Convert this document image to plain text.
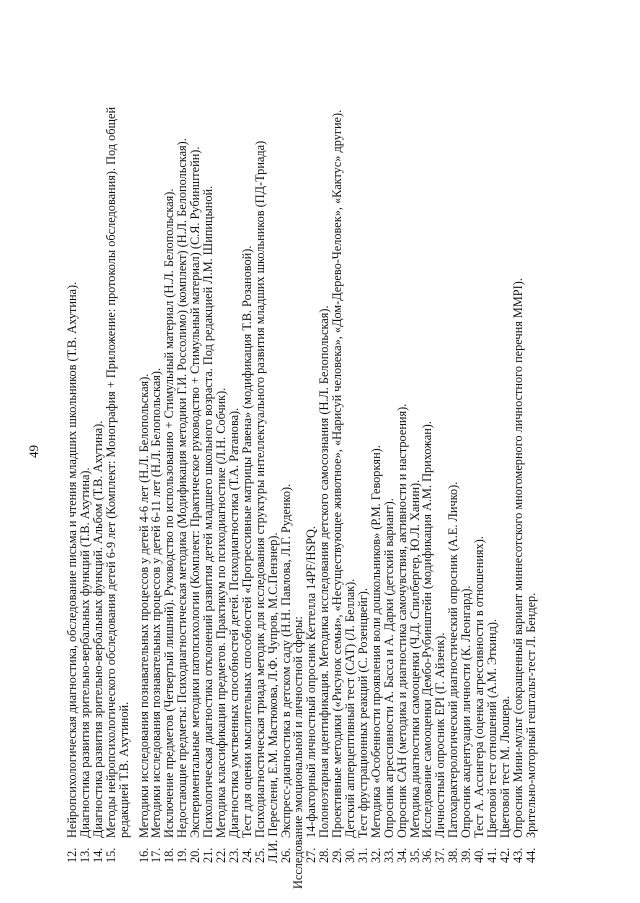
49
12.
Нейропсихологическая диагностика, обследование письма и чтения младших школьников (Т.В. Ахутина).
13.
Диагностика развития зрительно-вербальных функций (Т.В. Ахутина).
14.
Диагностика развития зрительно-вербальных функций. Альбом (Т.В. Ахутина).
15.
Методы нейропсихологического обследования детей 6-9 лет (Комплект: Монография + Приложение: протоколы обследования). Под общей
редакцией Т.В. Ахутиной.
16.
Методики исследования познавательных процессов у детей 4-6 лет (Н.Л. Белопольская).
17.
Методики исследования познавательных процессов у детей 6-11 лет (Н.Л. Белопольская).
18.
Исключение предметов (Четвертый лишний). Руководство по использованию + Стимульный материал (Н.Л. Белопольская).
19.
Недостающие предметы: Психодиагностическая методика (Модификация методики Г.И. Россолимо) (комплект) (Н.Л. Белопольская).
20.
Экспериментальные методики патопсихологии (Комплект: Практическое руководство + Стимульный материал) (С.Я. Рубинштейн).
21.
Психологическая диагностика отклонений развития детей младшего школьного возраста. Под редакцией Л.М. Шипицыной.
22.
Методика классификации предметов. Практикум по психодиагностике (Л.Н. Собчик).
23.
Диагностика умственных способностей детей. Психодиагностика (Т.А. Ратанова).
24.
Тест для оценки мыслительных способностей «Прогрессивные матрицы Равена» (модификация Т.В. Розановой).
25.
Психодиагностическая триада методик для исследования структуры интеллектуального развития младших школьников (ПД-Триада)
Л.И. Переслени, Е.М. Мастюкова, Л.Ф. Чупров, М.С.Пензнер).
26.
Экспресс-диагностика в детском саду (Н.Н. Павлова, Л.Г. Руденко).
Исследование эмоциональной и личностной сферы:
27.
14-факторный личностный опросник Кеттелла 14PF/HSPQ.
28.
Полоноэтарная идентификация. Методика исследования детского самосознания (Н.Л. Белопольская).
29.
Проективные методики («Рисунок семьи», «Несуществующее животное», «Нарисуй человека», «Дом-Дерево-Человек», «Кактус» другие).
30.
Детский апперцептивный тест (САТ) (Л. Беллак).
31.
Тест фрустрационных реакций (С. Розенцвейг).
32.
Методика «Особенности проявления воли дошкольников» (Р.М. Геворкян).
33.
Опросник агрессивности А. Басса и А. Дарки (детский вариант).
34.
Опросник САН (методика и диагностика самочувствия, активности и настроения).
35.
Методика диагностики самооценки (Ч.Д. Спилбергер, Ю.Л. Ханин).
36.
Исследование самооценки Дембо-Рубинштейн (модификация А.М. Прихожан).
37.
Личностный опросник EPI (Г. Айзенк).
38.
Патохарактерологический диагностический опросник (А.Е. Личко).
39.
Опросник акцентуации личности (К. Леонгард).
40.
Тест А. Ассингера (оценка агрессивности в отношениях).
41.
Цветовой тест отношений (А.М. Эткинд).
42.
Цветовой тест М. Люшера.
43.
Опросник Мини-мульт (сокращенный вариант миннесотского многомерного личностного перечня MMPI).
44.
Зрительно-моторный гештальт-тест Л. Бендер.
